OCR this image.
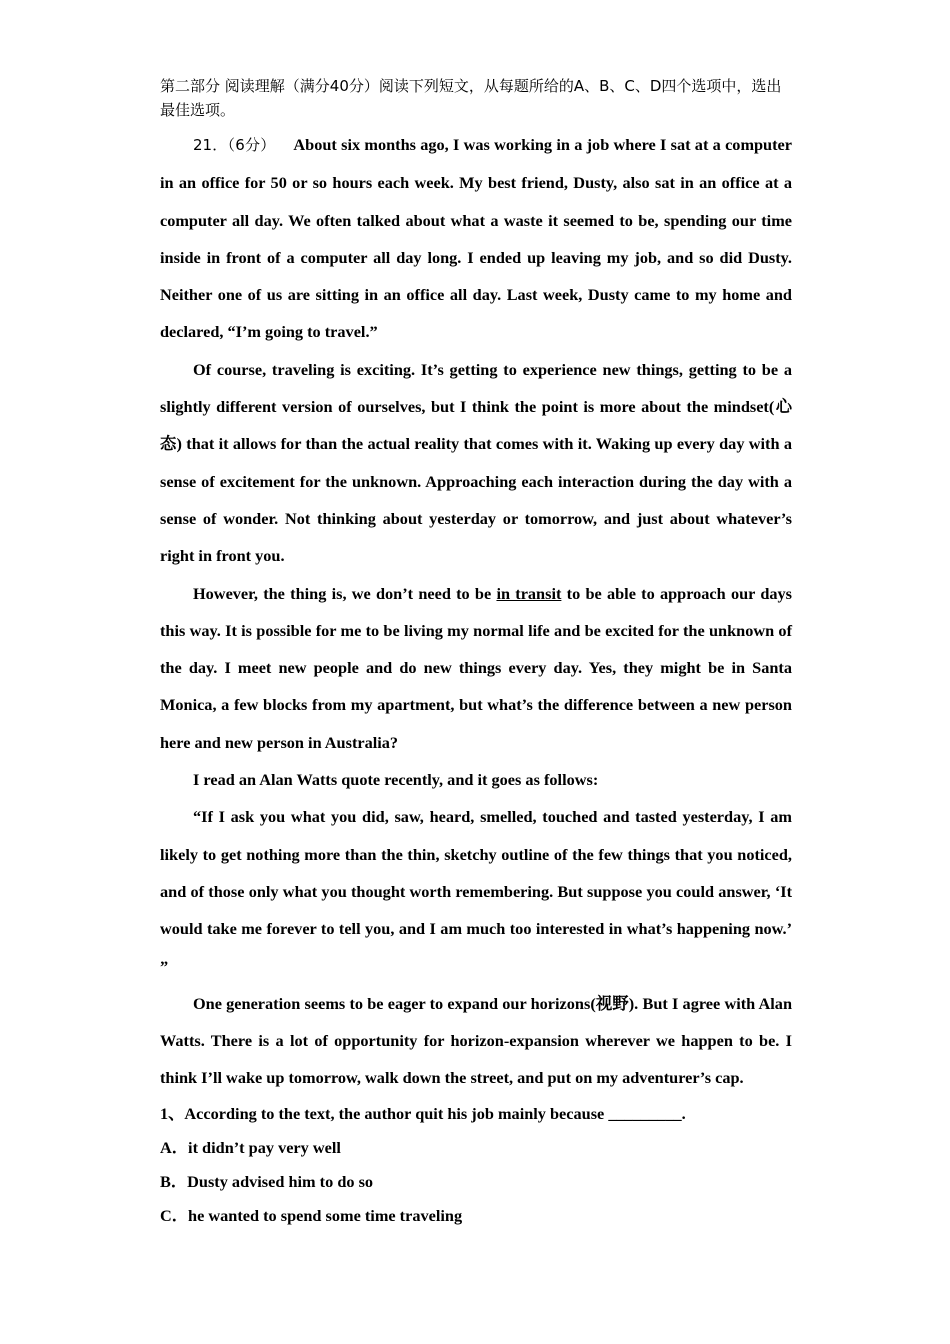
第二部分 阅读理解（满分40分）阅读下列短文，从每题所给的A、B、C、D四个选项中，选出最佳选项。

21．（6分） About six months ago, I was working in a job where I sat at a computer in an office for 50 or so hours each week. My best friend, Dusty, also sat in an office at a computer all day. We often talked about what a waste it seemed to be, spending our time inside in front of a computer all day long. I ended up leaving my job, and so did Dusty. Neither one of us are sitting in an office all day. Last week, Dusty came to my home and declared, “I’m going to travel.”

Of course, traveling is exciting. It’s getting to experience new things, getting to be a slightly different version of ourselves, but I think the point is more about the mindset(心态) that it allows for than the actual reality that comes with it. Waking up every day with a sense of excitement for the unknown. Approaching each interaction during the day with a sense of wonder. Not thinking about yesterday or tomorrow, and just about whatever’s right in front you.

However, the thing is, we don’t need to be in transit to be able to approach our days this way. It is possible for me to be living my normal life and be excited for the unknown of the day. I meet new people and do new things every day. Yes, they might be in Santa Monica, a few blocks from my apartment, but what’s the difference between a new person here and new person in Australia?

I read an Alan Watts quote recently, and it goes as follows:

“If I ask you what you did, saw, heard, smelled, touched and tasted yesterday, I am likely to get nothing more than the thin, sketchy outline of the few things that you noticed, and of those only what you thought worth remembering. But suppose you could answer, ‘It would take me forever to tell you, and I am much too interested in what’s happening now.’ ”

One generation seems to be eager to expand our horizons(视野). But I agree with Alan Watts. There is a lot of opportunity for horizon-expansion wherever we happen to be. I think I’ll wake up tomorrow, walk down the street, and put on my adventurer’s cap.

1、According to the text, the author quit his job mainly because _________.

A．it didn’t pay very well

B．Dusty advised him to do so

C．he wanted to spend some time traveling
